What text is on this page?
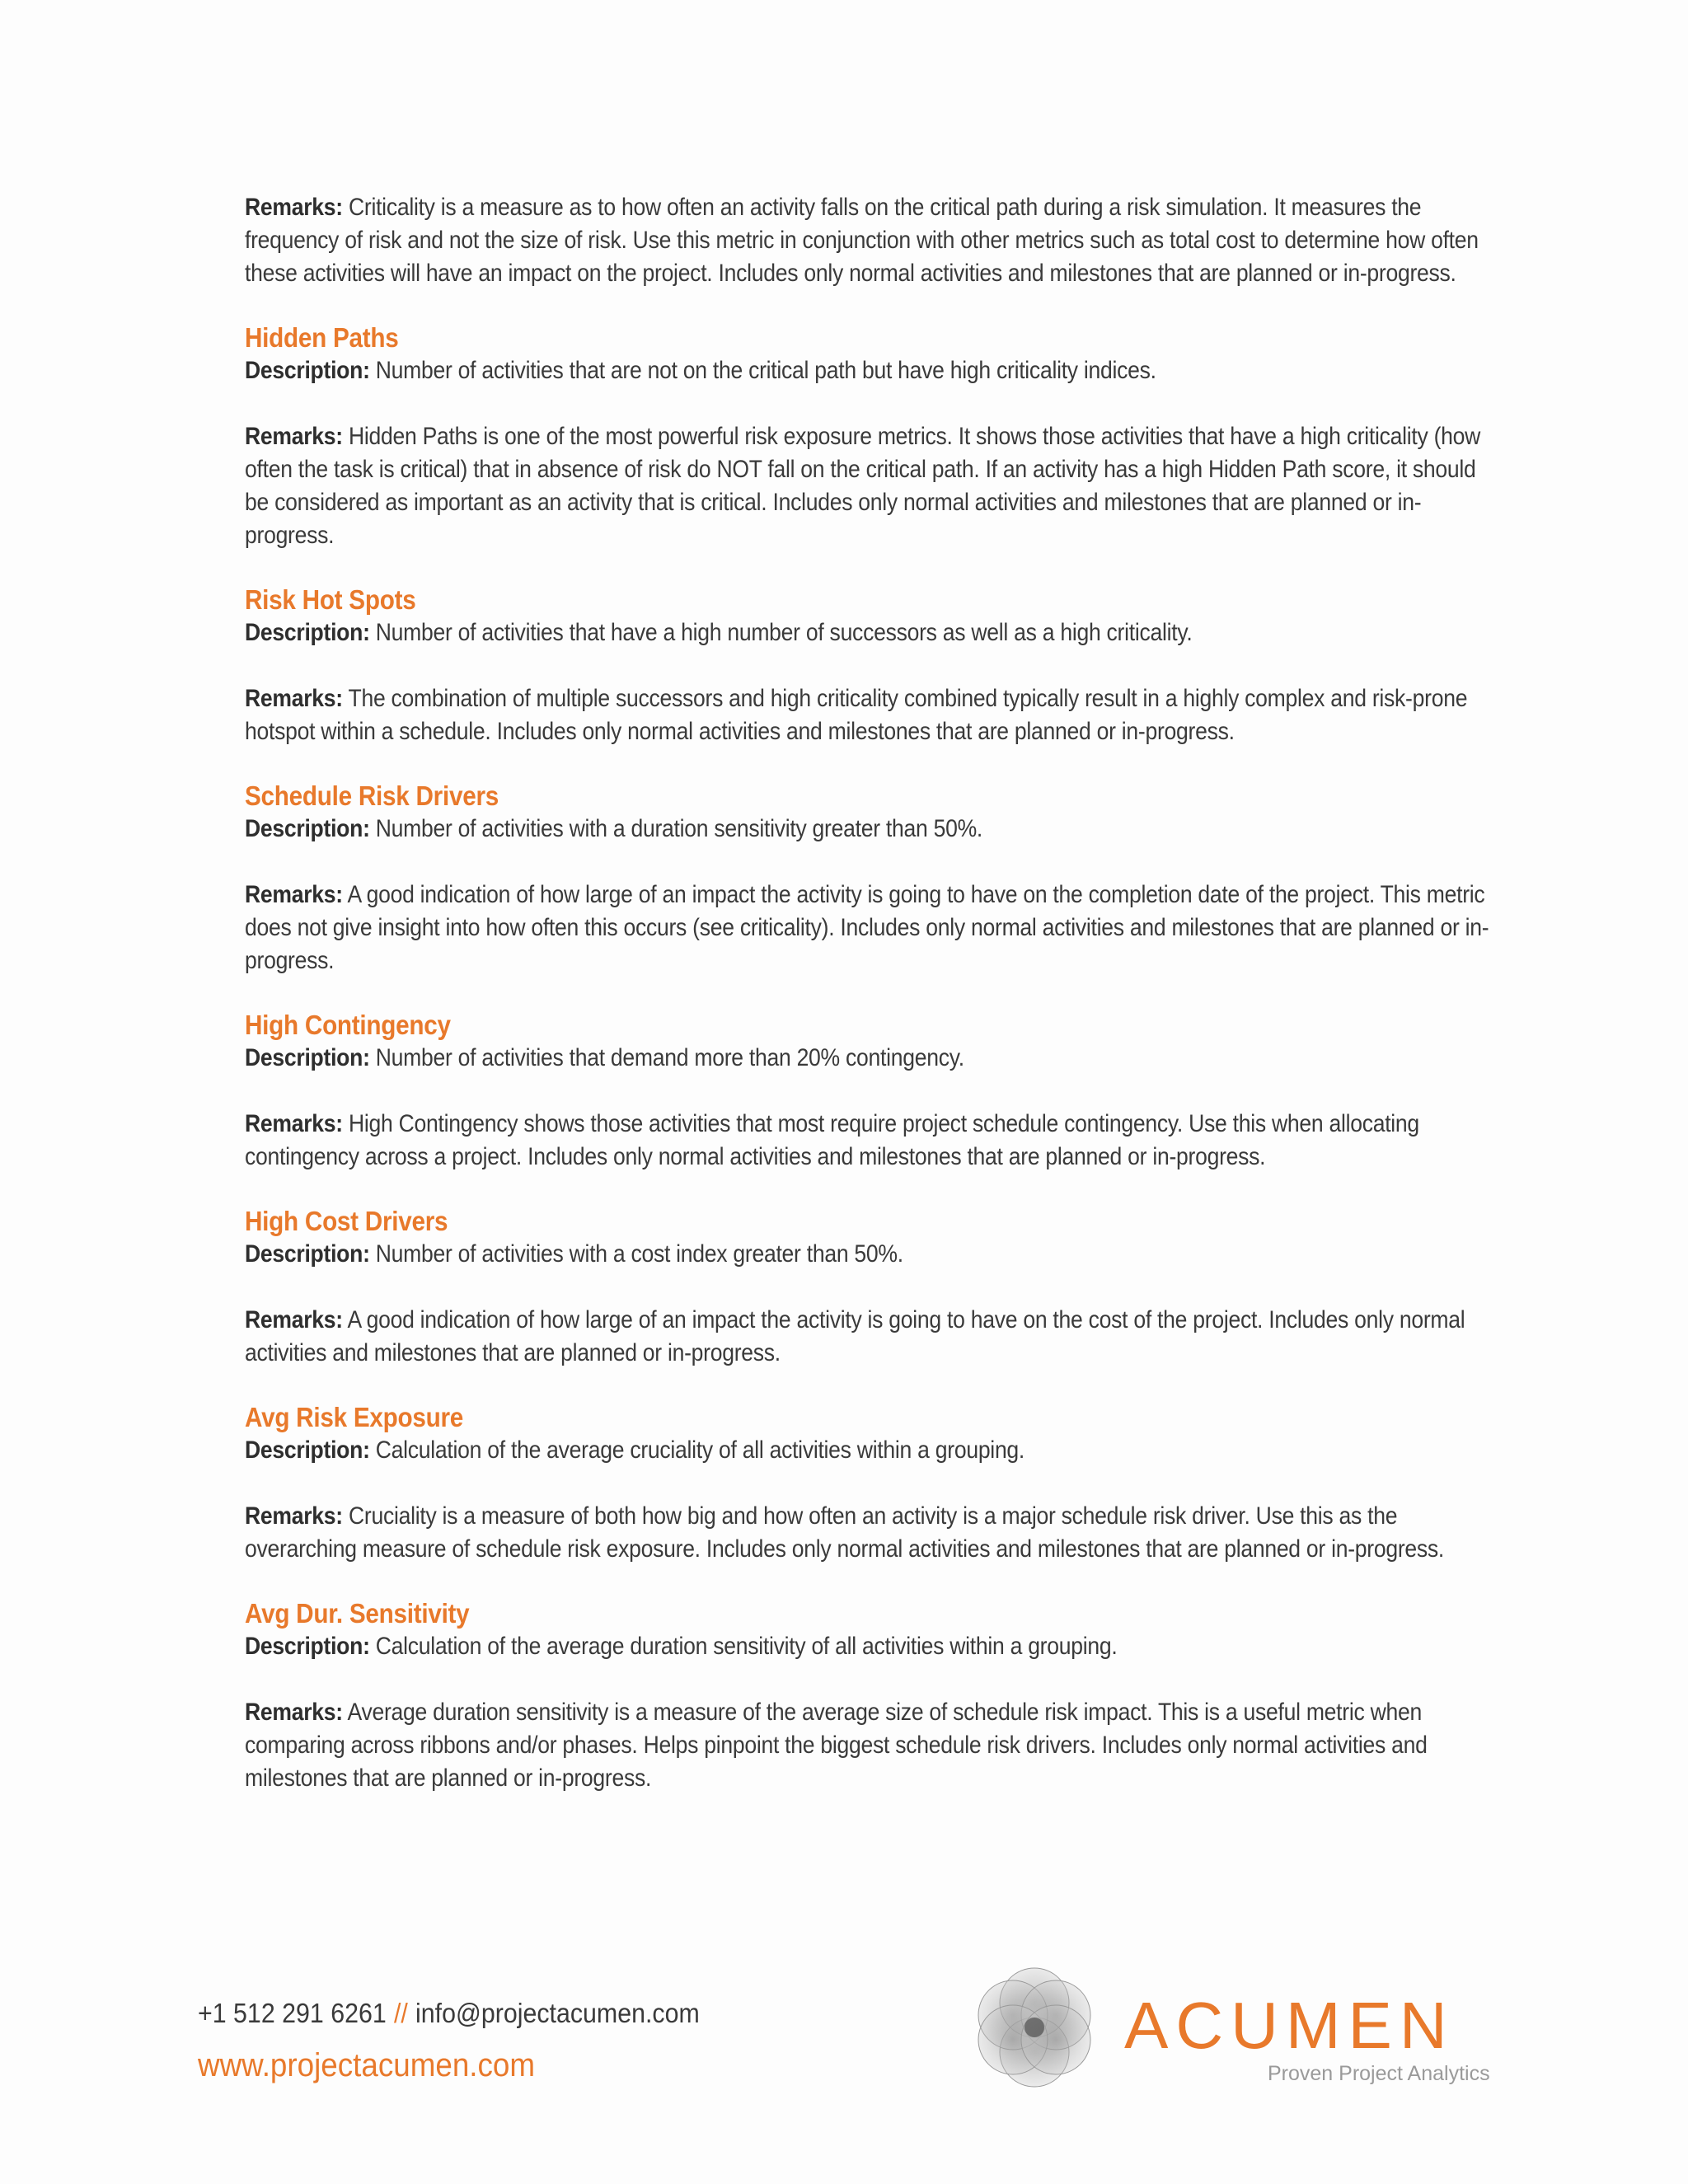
Remarks: Criticality is a measure as to how often an activity falls on the critical path during a risk simulation. It measures the frequency of risk and not the size of risk. Use this metric in conjunction with other metrics such as total cost to determine how often these activities will have an impact on the project. Includes only normal activities and milestones that are planned or in-progress.

Hidden Paths

Description: Number of activities that are not on the critical path but have high criticality indices.

Remarks: Hidden Paths is one of the most powerful risk exposure metrics. It shows those activities that have a high criticality (how often the task is critical) that in absence of risk do NOT fall on the critical path. If an activity has a high Hidden Path score, it should be considered as important as an activity that is critical. Includes only normal activities and milestones that are planned or in-progress.

Risk Hot Spots

Description: Number of activities that have a high number of successors as well as a high criticality.

Remarks: The combination of multiple successors and high criticality combined typically result in a highly complex and risk-prone hotspot within a schedule. Includes only normal activities and milestones that are planned or in-progress.

Schedule Risk Drivers

Description: Number of activities with a duration sensitivity greater than 50%.

Remarks: A good indication of how large of an impact the activity is going to have on the completion date of the project. This metric does not give insight into how often this occurs (see criticality). Includes only normal activities and milestones that are planned or in-progress.

High Contingency

Description: Number of activities that demand more than 20% contingency.

Remarks: High Contingency shows those activities that most require project schedule contingency. Use this when allocating contingency across a project. Includes only normal activities and milestones that are planned or in-progress.

High Cost Drivers

Description: Number of activities with a cost index greater than 50%.

Remarks: A good indication of how large of an impact the activity is going to have on the cost of the project. Includes only normal activities and milestones that are planned or in-progress.

Avg Risk Exposure

Description: Calculation of the average cruciality of all activities within a grouping.

Remarks: Cruciality is a measure of both how big and how often an activity is a major schedule risk driver. Use this as the overarching measure of schedule risk exposure. Includes only normal activities and milestones that are planned or in-progress.

Avg Dur. Sensitivity

Description: Calculation of the average duration sensitivity of all activities within a grouping.

Remarks: Average duration sensitivity is a measure of the average size of schedule risk impact. This is a useful metric when comparing across ribbons and/or phases. Helps pinpoint the biggest schedule risk drivers. Includes only normal activities and milestones that are planned or in-progress.

+1 512 291 6261 // info@projectacumen.com
www.projectacumen.com
ACUMEN
Proven Project Analytics
